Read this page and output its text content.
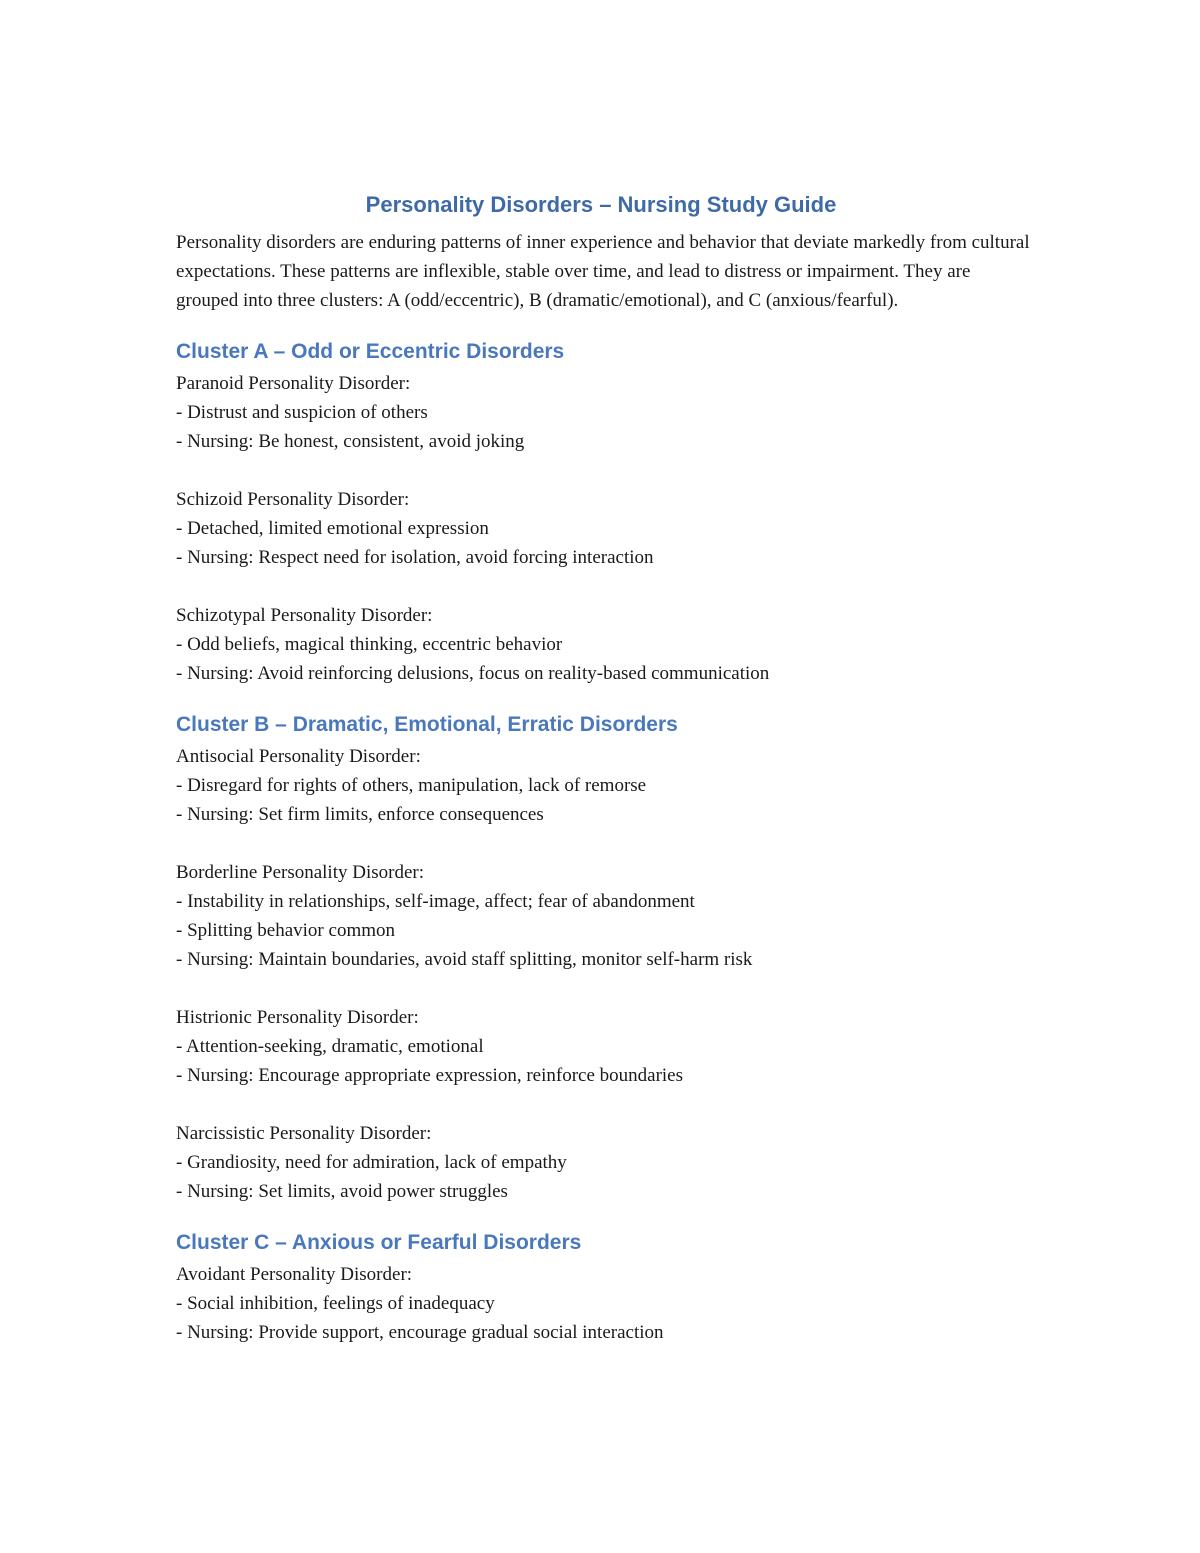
Personality Disorders – Nursing Study Guide

Personality disorders are enduring patterns of inner experience and behavior that deviate markedly from cultural expectations. These patterns are inflexible, stable over time, and lead to distress or impairment. They are grouped into three clusters: A (odd/eccentric), B (dramatic/emotional), and C (anxious/fearful).

Cluster A – Odd or Eccentric Disorders
Paranoid Personality Disorder:
- Distrust and suspicion of others
- Nursing: Be honest, consistent, avoid joking
Schizoid Personality Disorder:
- Detached, limited emotional expression
- Nursing: Respect need for isolation, avoid forcing interaction
Schizotypal Personality Disorder:
- Odd beliefs, magical thinking, eccentric behavior
- Nursing: Avoid reinforcing delusions, focus on reality-based communication
Cluster B – Dramatic, Emotional, Erratic Disorders
Antisocial Personality Disorder:
- Disregard for rights of others, manipulation, lack of remorse
- Nursing: Set firm limits, enforce consequences
Borderline Personality Disorder:
- Instability in relationships, self-image, affect; fear of abandonment
- Splitting behavior common
- Nursing: Maintain boundaries, avoid staff splitting, monitor self-harm risk
Histrionic Personality Disorder:
- Attention-seeking, dramatic, emotional
- Nursing: Encourage appropriate expression, reinforce boundaries
Narcissistic Personality Disorder:
- Grandiosity, need for admiration, lack of empathy
- Nursing: Set limits, avoid power struggles
Cluster C – Anxious or Fearful Disorders
Avoidant Personality Disorder:
- Social inhibition, feelings of inadequacy
- Nursing: Provide support, encourage gradual social interaction
